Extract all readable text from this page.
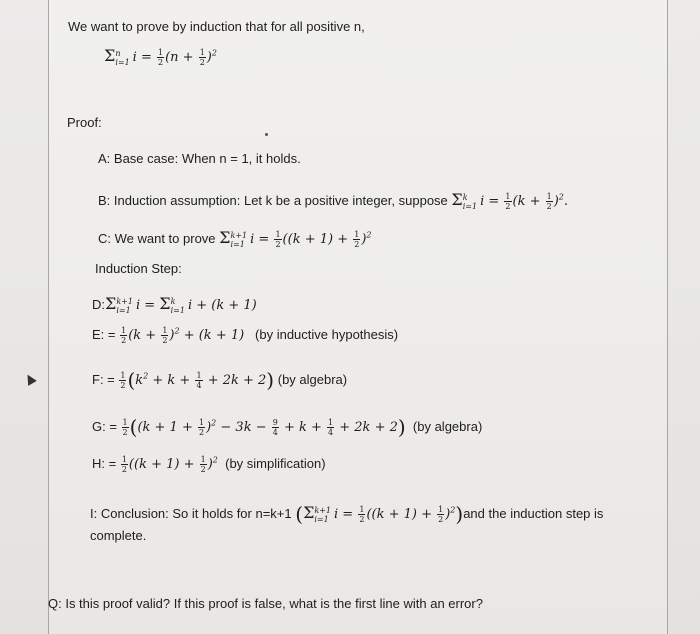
We want to prove by induction that for all positive n,
Σ n
i=1 $i = \frac{1}{2} (n + \frac{1}{2} )^2$
Proof:
A: Base case: When n = 1, it holds.
B: Induction assumption: Let k be a positive integer, suppose Σ k
i=1 $i = \frac{1}{2} (k + \frac{1}{2} )^2$.
C: We want to prove Σ k+1
i=1 $i = \frac{1}{2} ((k + 1) + \frac{1}{2} )^2$
Induction Step:
D:Σ k+1
i=1 i = Σ k
i=1 i + (k + 1)
E: = $\frac{1}{2} (k + \frac{1}{2} )^2 + (k + 1)$ (by inductive hypothesis)
F: = $\frac{1}{2} (k^2 + k + \frac{1}{4} + 2k + 2)$ (by algebra)
G: = $\frac{1}{2} ((k + 1 + \frac{1}{2} )^2 - 3k - \frac{9}{4} + k + \frac{1}{4} + 2k + 2)$ (by algebra)
H: = $\frac{1}{2} ((k + 1) + \frac{1}{2} )^2$ (by simplification)
I: Conclusion: So it holds for n=k+1 (Σ k+1
i=1 $i = \frac{1}{2} ((k + 1) + \frac{1}{2} )^2)and$ the induction step is
complete.
Q: Is this proof valid? If this proof is false, what is the first line with an error?
